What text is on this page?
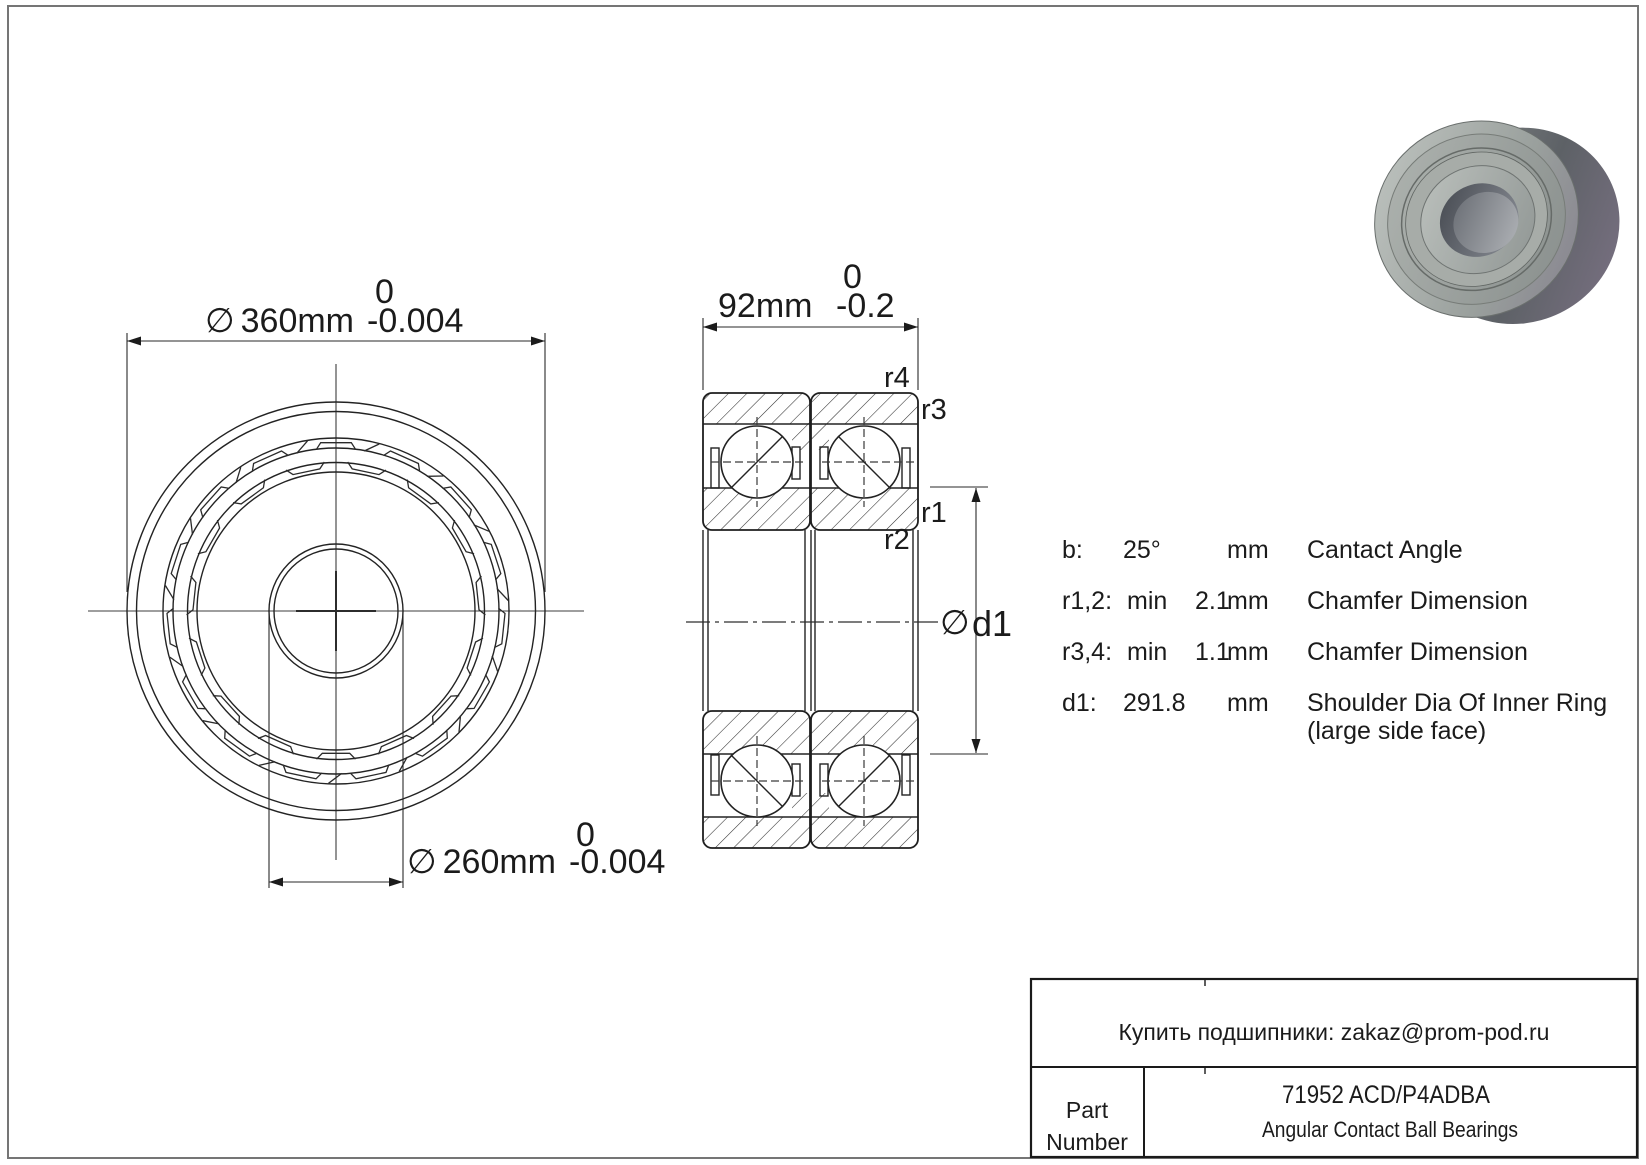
∅ 360mm -0.004
0
∅ 260mm -0.004
0
92mm -0.2
0
r4
r3
r1
r2
∅ d1
b: 25°	mm Cantact Angle
r1,2: min 2.1
mm Chamfer Dimension
r3,4: min 1.1
mm Chamfer Dimension
d1: 291.8 mm Shoulder Dia Of Inner Ring
(large side face)
Купить подшипники: zakaz@prom-pod.ru
Part
Number
71952 ACD/P4ADBA
Angular Contact Ball Bearings
